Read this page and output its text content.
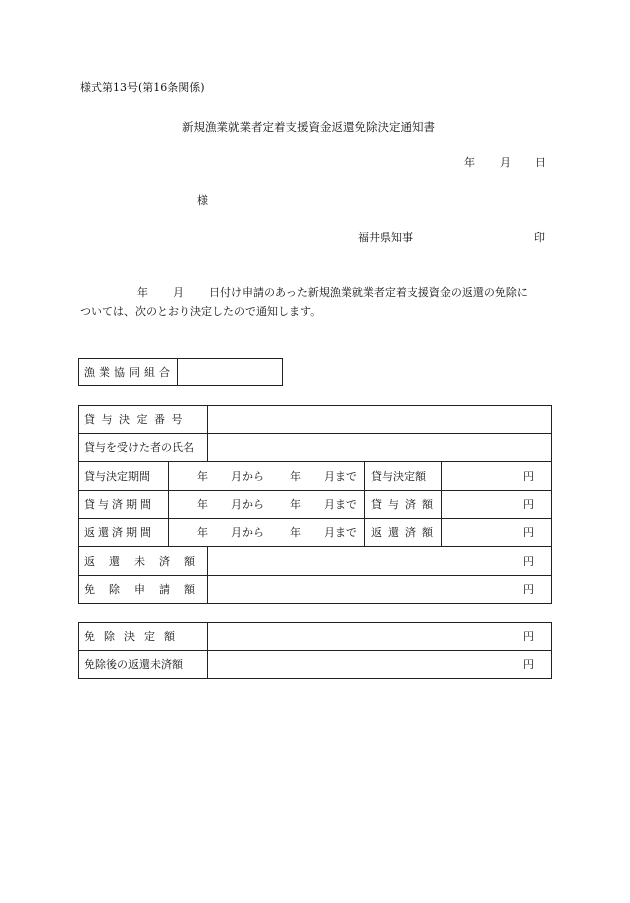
様式第13号(第16条関係)
新規漁業就業者定着支援資金返還免除決定通知書
年 月 日
様
福井県知事	印
年 月 日付け申請のあった新規漁業就業者定着支援資金の返還の免除に
ついては、次のとおり決定したので通知します。
漁業協同組合
貸与決定番号
貸与を受けた者の氏名
貸与決定期間	年 月から 年 月まで 貸与決定額	円
貸与済期間	年 月から 年 月まで 貸与済額	円
返還済期間	年 月から 年 月まで 返還済額	円
返還未済額	円
免除申請額	円
免除決定額	円
免除後の返還未済額	円
